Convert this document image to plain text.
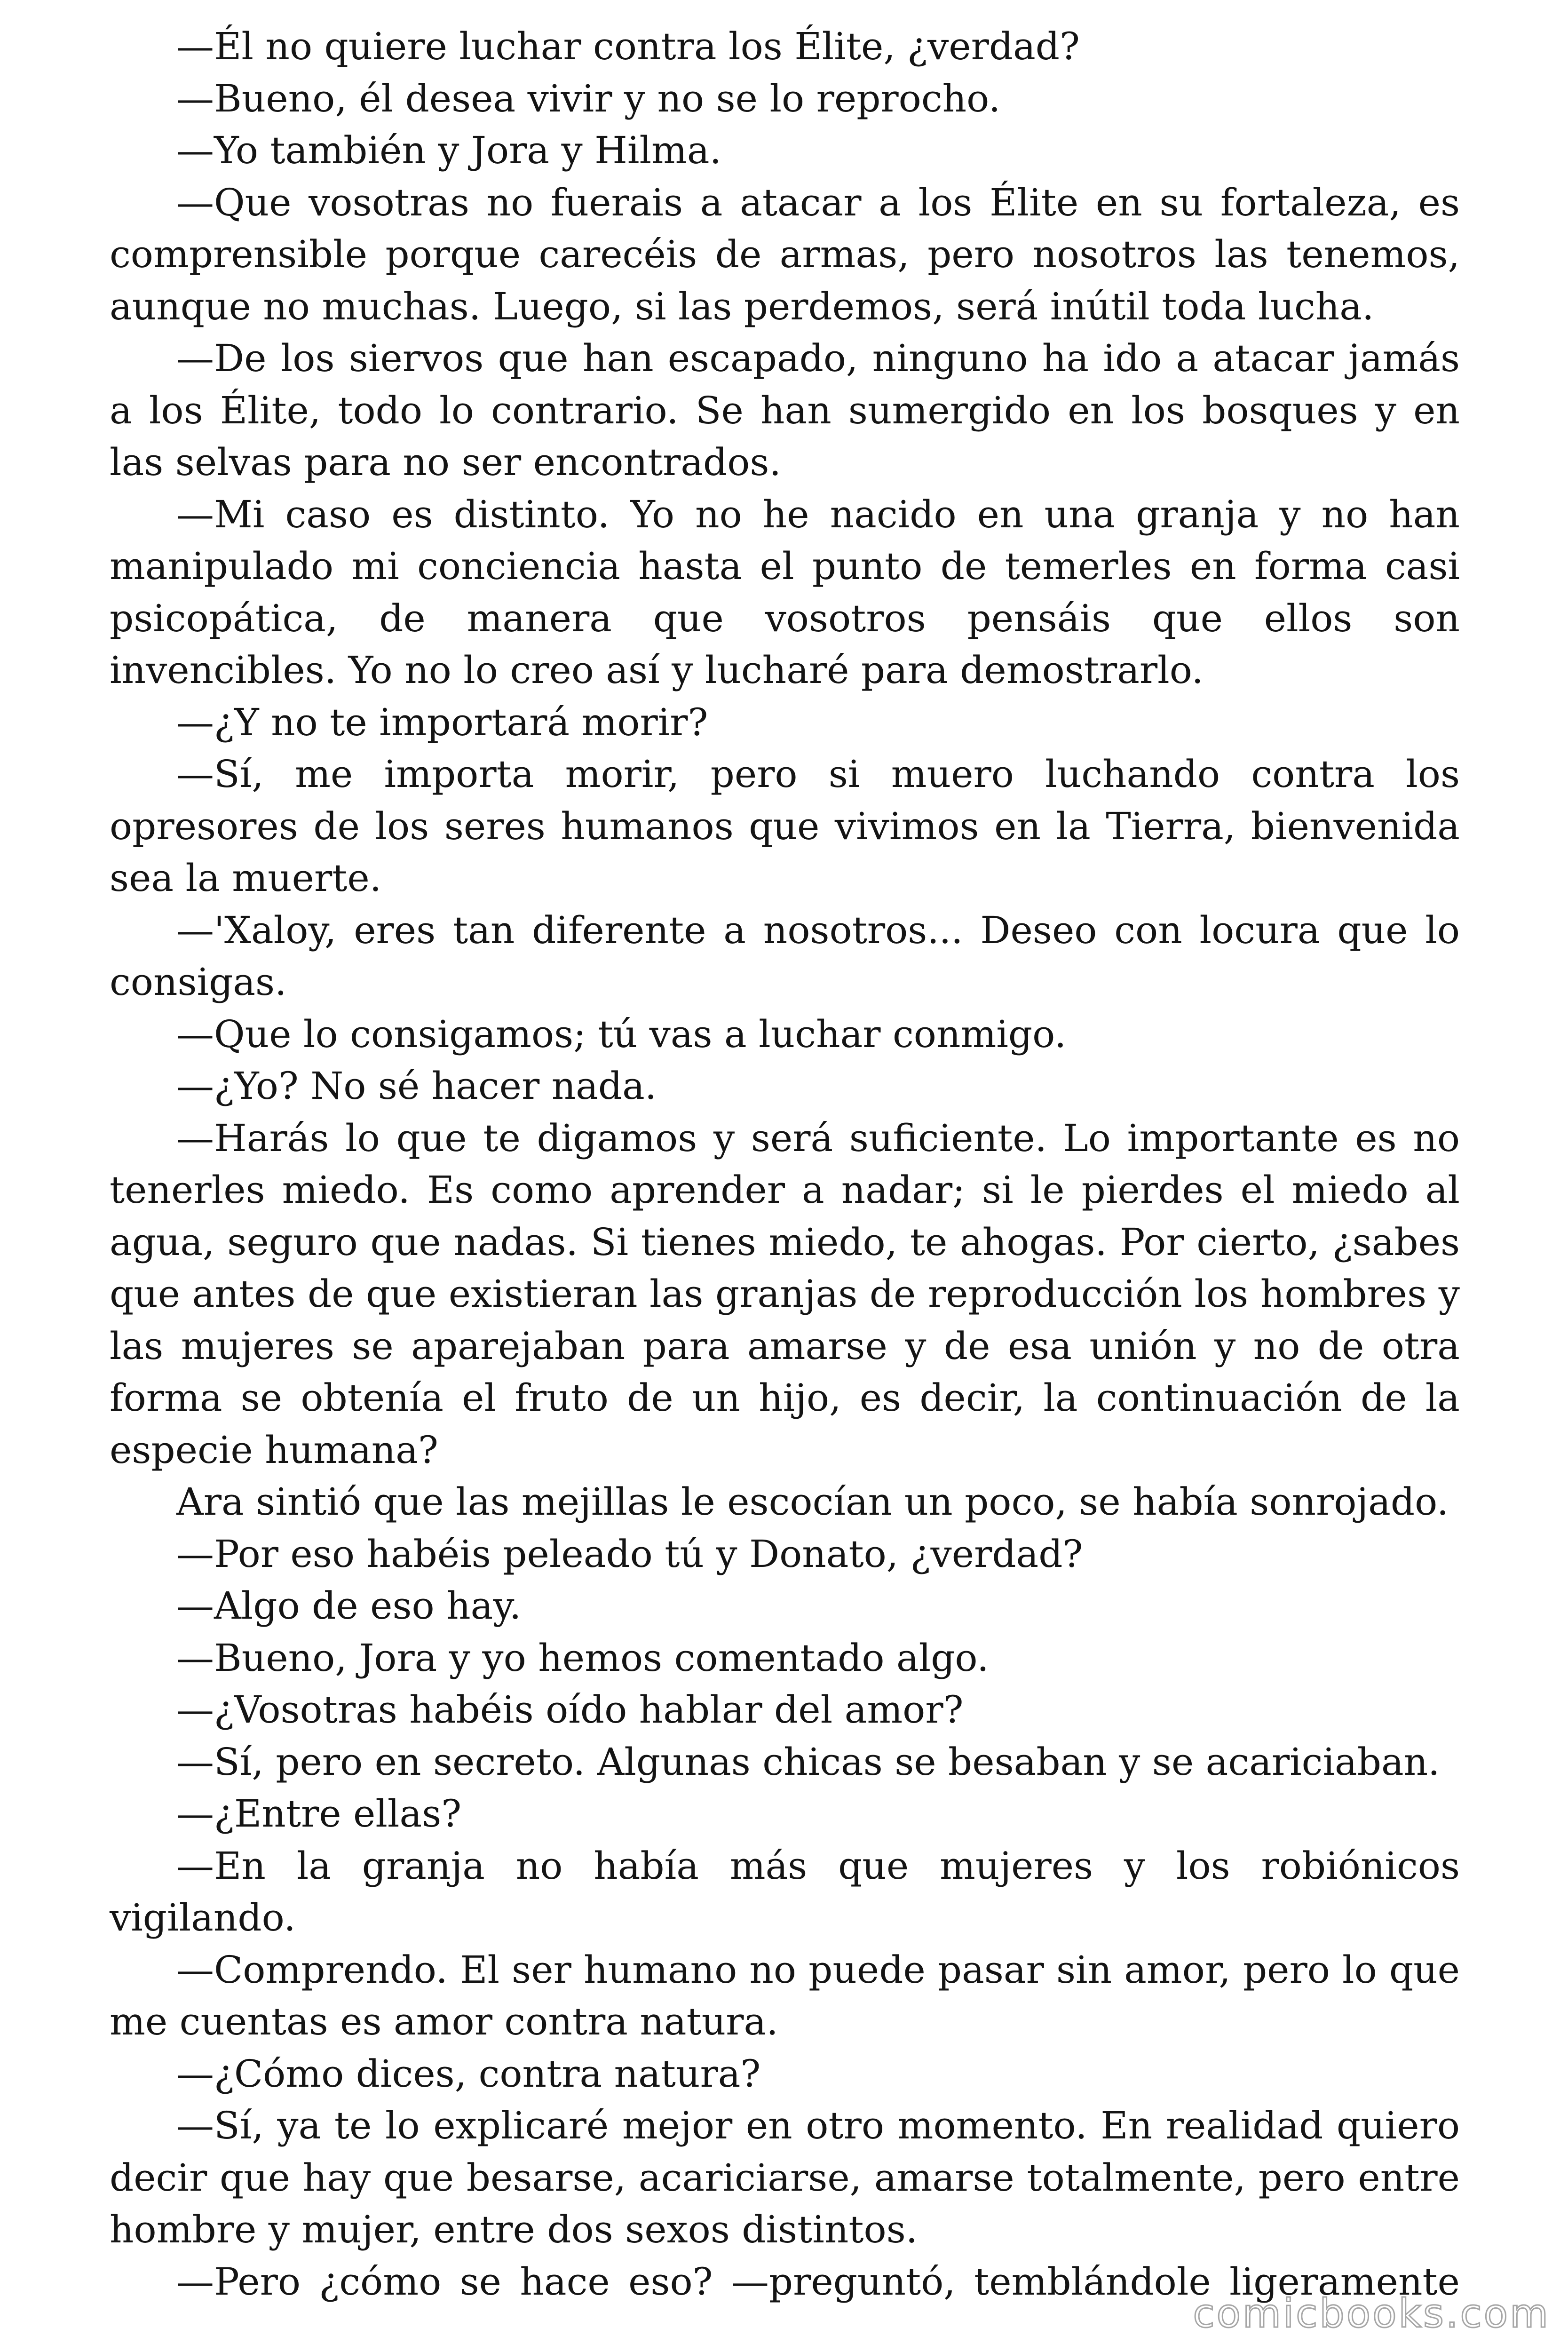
—Él no quiere luchar contra los Élite, ¿verdad?

—Bueno, él desea vivir y no se lo reprocho.

—Yo también y Jora y Hilma.

—Que vosotras no fuerais a atacar a los Élite en su fortaleza, es comprensible porque carecéis de armas, pero nosotros las tenemos, aunque no muchas. Luego, si las perdemos, será inútil toda lucha.

—De los siervos que han escapado, ninguno ha ido a atacar jamás a los Élite, todo lo contrario. Se han sumergido en los bosques y en las selvas para no ser encontrados.

—Mi caso es distinto. Yo no he nacido en una granja y no han manipulado mi conciencia hasta el punto de temerles en forma casi psicopática, de manera que vosotros pensáis que ellos son invencibles. Yo no lo creo así y lucharé para demostrarlo.

—¿Y no te importará morir?

—Sí, me importa morir, pero si muero luchando contra los opresores de los seres humanos que vivimos en la Tierra, bienvenida sea la muerte.

—'Xaloy, eres tan diferente a nosotros... Deseo con locura que lo consigas.

—Que lo consigamos; tú vas a luchar conmigo.

—¿Yo? No sé hacer nada.

—Harás lo que te digamos y será suficiente. Lo importante es no tenerles miedo. Es como aprender a nadar; si le pierdes el miedo al agua, seguro que nadas. Si tienes miedo, te ahogas. Por cierto, ¿sabes que antes de que existieran las granjas de reproducción los hombres y las mujeres se aparejaban para amarse y de esa unión y no de otra forma se obtenía el fruto de un hijo, es decir, la continuación de la especie humana?

Ara sintió que las mejillas le escocían un poco, se había sonrojado.

—Por eso habéis peleado tú y Donato, ¿verdad?

—Algo de eso hay.

—Bueno, Jora y yo hemos comentado algo.

—¿Vosotras habéis oído hablar del amor?

—Sí, pero en secreto. Algunas chicas se besaban y se acariciaban.

—¿Entre ellas?

—En la granja no había más que mujeres y los robiónicos vigilando.

—Comprendo. El ser humano no puede pasar sin amor, pero lo que me cuentas es amor contra natura.

—¿Cómo dices, contra natura?

—Sí, ya te lo explicaré mejor en otro momento. En realidad quiero decir que hay que besarse, acariciarse, amarse totalmente, pero entre hombre y mujer, entre dos sexos distintos.

—Pero ¿cómo se hace eso? —preguntó, temblándole ligeramente

comicbooks.com
